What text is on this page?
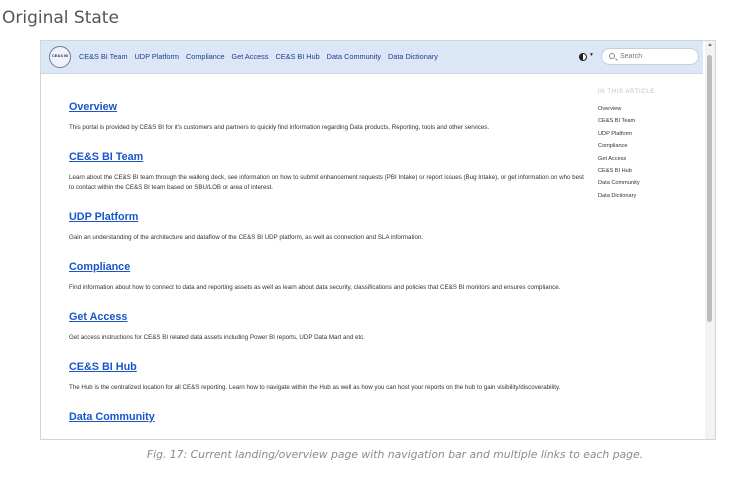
Original State
CE&S BI CE&S BI Team UDP Platform Compliance Get Access CE&S BI Hub Data Community Data Dictionary	▼
Search
Overview

This portal is provided by CE&S BI for it's customers and partners to quickly find information regarding Data products, Reporting, tools and other services.

CE&S BI Team

Learn about the CE&S BI team through the walking deck, see information on how to submit enhancement requests (PBI Intake) or report issues (Bug Intake), or get information on who best to contact within the CE&S BI team based on SBU/LOB or area of interest.

UDP Platform

Gain an understanding of the architecture and dataflow of the CE&S BI UDP platform, as well as connection and SLA information.

Compliance

Find information about how to connect to data and reporting assets as well as learn about data security, classifications and policies that CE&S BI monitors and ensures compliance.

Get Access

Get access instructions for CE&S BI related data assets including Power BI reports, UDP Data Mart and etc.

CE&S BI Hub

The Hub is the centralized location for all CE&S reporting. Learn how to navigate within the Hub as well as how you can host your reports on the hub to gain visibility/discoverability.

Data Community
IN THIS ARTICLE
Overview
CE&S BI Team
UDP Platform
Compliance
Get Access
CE&S BI Hub
Data Community
Data Dictionary
Fig. 17: Current landing/overview page with navigation bar and multiple links to each page.
